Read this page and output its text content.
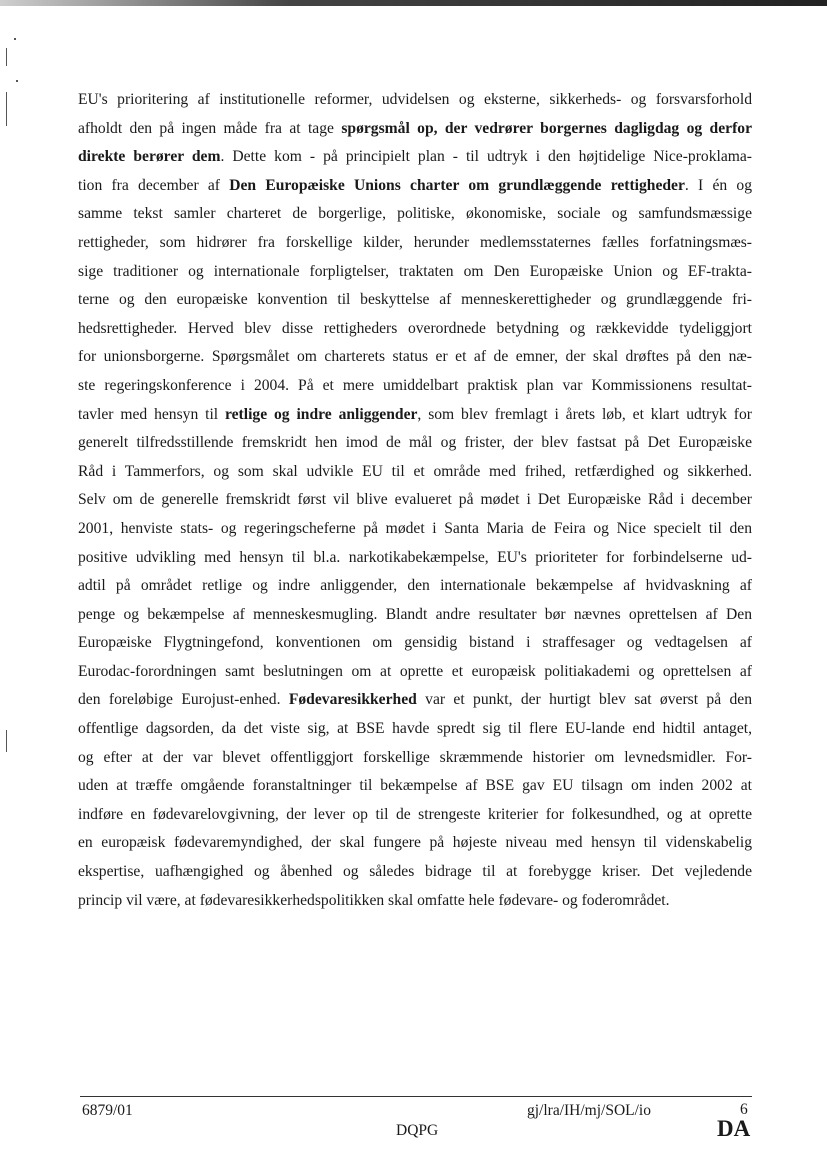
EU's prioritering af institutionelle reformer, udvidelsen og eksterne, sikkerheds- og forsvarsforhold
afholdt den på ingen måde fra at tage spørgsmål op, der vedrører borgernes dagligdag og derfor
direkte berører dem. Dette kom - på principielt plan - til udtryk i den højtidelige Nice-proklama-
tion fra december af Den Europæiske Unions charter om grundlæggende rettigheder. I én og
samme tekst samler charteret de borgerlige, politiske, økonomiske, sociale og samfundsmæssige
rettigheder, som hidrører fra forskellige kilder, herunder medlemsstaternes fælles forfatningsmæs-
sige traditioner og internationale forpligtelser, traktaten om Den Europæiske Union og EF-trakta-
terne og den europæiske konvention til beskyttelse af menneskerettigheder og grundlæggende fri-
hedsrettigheder. Herved blev disse rettigheders overordnede betydning og rækkevidde tydeliggjort
for unionsborgerne. Spørgsmålet om charterets status er et af de emner, der skal drøftes på den næ-
ste regeringskonference i 2004. På et mere umiddelbart praktisk plan var Kommissionens resultat-
tavler med hensyn til retlige og indre anliggender, som blev fremlagt i årets løb, et klart udtryk for
generelt tilfredsstillende fremskridt hen imod de mål og frister, der blev fastsat på Det Europæiske
Råd i Tammerfors, og som skal udvikle EU til et område med frihed, retfærdighed og sikkerhed.
Selv om de generelle fremskridt først vil blive evalueret på mødet i Det Europæiske Råd i december
2001, henviste stats- og regeringscheferne på mødet i Santa Maria de Feira og Nice specielt til den
positive udvikling med hensyn til bl.a. narkotikabekæmpelse, EU's prioriteter for forbindelserne ud-
adtil på området retlige og indre anliggender, den internationale bekæmpelse af hvidvaskning af
penge og bekæmpelse af menneskesmugling. Blandt andre resultater bør nævnes oprettelsen af Den
Europæiske Flygtningefond, konventionen om gensidig bistand i straffesager og vedtagelsen af
Eurodac-forordningen samt beslutningen om at oprette et europæisk politiakademi og oprettelsen af
den foreløbige Eurojust-enhed. Fødevaresikkerhed var et punkt, der hurtigt blev sat øverst på den
offentlige dagsorden, da det viste sig, at BSE havde spredt sig til flere EU-lande end hidtil antaget,
og efter at der var blevet offentliggjort forskellige skræmmende historier om levnedsmidler. For-
uden at træffe omgående foranstaltninger til bekæmpelse af BSE gav EU tilsagn om inden 2002 at
indføre en fødevarelovgivning, der lever op til de strengeste kriterier for folkesundhed, og at oprette
en europæisk fødevaremyndighed, der skal fungere på højeste niveau med hensyn til videnskabelig
ekspertise, uafhængighed og åbenhed og således bidrage til at forebygge kriser. Det vejledende
princip vil være, at fødevaresikkerhedspolitikken skal omfatte hele fødevare- og foderområdet.
6879/01	gj/lra/IH/mj/SOL/io	6
DQPG	DA
